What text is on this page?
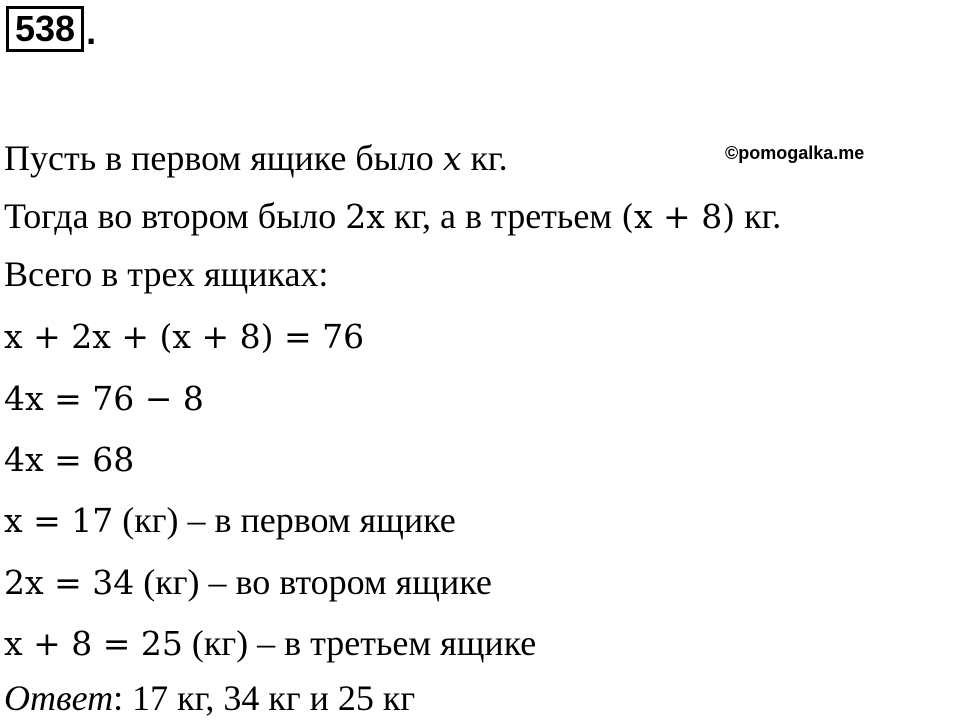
538 .
©pomogalka.me
Пусть в первом ящике было x кг.
Тогда во втором было 2x кг, а в третьем (x + 8) кг.
Всего в трех ящиках:
x + 2x + (x + 8) = 76
4x = 76 − 8
4x = 68
x = 17 (кг) – в первом ящике
2x = 34 (кг) – во втором ящике
x + 8 = 25 (кг) – в третьем ящике
Ответ: 17 кг, 34 кг и 25 кг
